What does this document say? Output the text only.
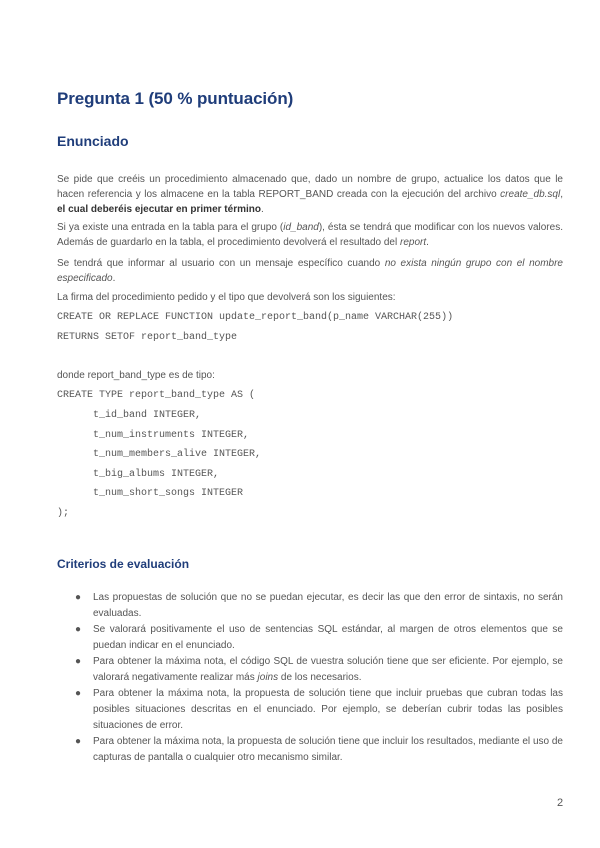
Pregunta 1 (50 % puntuación)
Enunciado

Se pide que creéis un procedimiento almacenado que, dado un nombre de grupo, actualice los datos que le hacen referencia y los almacene en la tabla REPORT_BAND creada con la ejecución del archivo create_db.sql, el cual deberéis ejecutar en primer término.

Si ya existe una entrada en la tabla para el grupo (id_band), ésta se tendrá que modificar con los nuevos valores. Además de guardarlo en la tabla, el procedimiento devolverá el resultado del report.

Se tendrá que informar al usuario con un mensaje específico cuando no exista ningún grupo con el nombre especificado.

La firma del procedimiento pedido y el tipo que devolverá son los siguientes:

CREATE OR REPLACE FUNCTION update_report_band(p_name VARCHAR(255))

RETURNS SETOF report_band_type

donde report_band_type es de tipo:

CREATE TYPE report_band_type AS (

t_id_band INTEGER,

t_num_instruments INTEGER,

t_num_members_alive INTEGER,

t_big_albums INTEGER,

t_num_short_songs INTEGER

);

Criterios de evaluación
● Las propuestas de solución que no se puedan ejecutar, es decir las que den error de sintaxis, no serán evaluadas.
● Se valorará positivamente el uso de sentencias SQL estándar, al margen de otros elementos que se puedan indicar en el enunciado.
● Para obtener la máxima nota, el código SQL de vuestra solución tiene que ser eficiente. Por ejemplo, se valorará negativamente realizar más joins de los necesarios.
● Para obtener la máxima nota, la propuesta de solución tiene que incluir pruebas que cubran todas las posibles situaciones descritas en el enunciado. Por ejemplo, se deberían cubrir todas las posibles situaciones de error.
● Para obtener la máxima nota, la propuesta de solución tiene que incluir los resultados, mediante el uso de capturas de pantalla o cualquier otro mecanismo similar.
2
